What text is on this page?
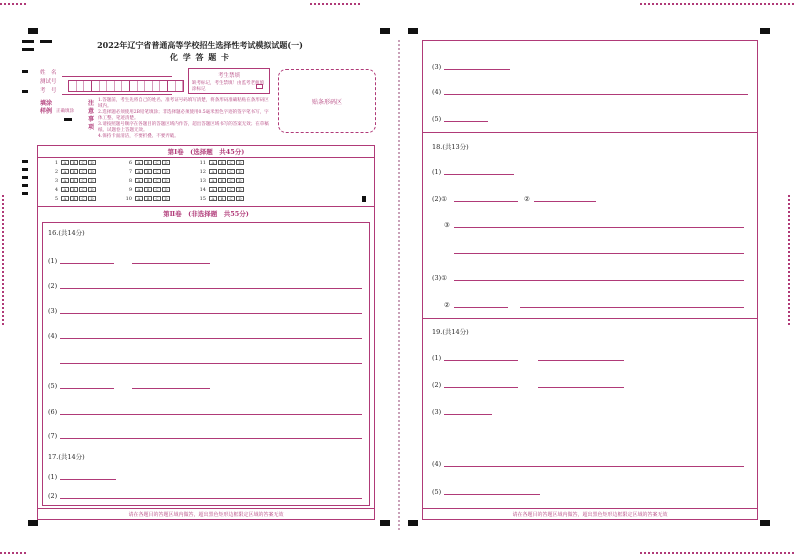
2022年辽宁省普通高等学校招生选择性考试模拟试题(一)
化 学 答 题 卡
姓　名
测试号
考　号
考生禁填
缺考标记，考生禁填！由监考老师填涂标记
贴条形码区
填涂样例 正确填涂
注意事项
1.答题前，考生先将自己的姓名、准考证号码填写清楚，将条形码准确粘贴在条形码区域内。
2.选择题必须使用2B铅笔填涂；非选择题必须使用0.5毫米黑色字迹的签字笔书写，字体工整、笔迹清楚。
3.请按照题号顺序在各题目的答题区域内作答，超出答题区域书写的答案无效；在草稿纸、试题卷上答题无效。
4.保持卡面清洁，不要折叠、不要弄破。
第Ⅰ卷　(选择题　共45分)
1 A B C D
2 A B C D
3 A B C D
4 A B C D
5 A B C D
6 A B C D
7 A B C D
8 A B C D
9 A B C D
10 A B C D
11 A B C D
12 A B C D
13 A B C D
14 A B C D
15 A B C D
第Ⅱ卷　(非选择题　共55分)
16.(共14分)
(1)
(2)
(3)
(4)
(5)
(6)
(7)
17.(共14分)
(1)
(2)
请在各题目的答题区域内做答，超出黑色矩形边框限定区域的答案无效
(3)
(4)
(5)
18.(共13分)
(1)
(2)①	②
③
(3)①
②
19.(共14分)
(1)
(2)
(3)
(4)
(5)
请在各题目的答题区域内做答，超出黑色矩形边框限定区域的答案无效
